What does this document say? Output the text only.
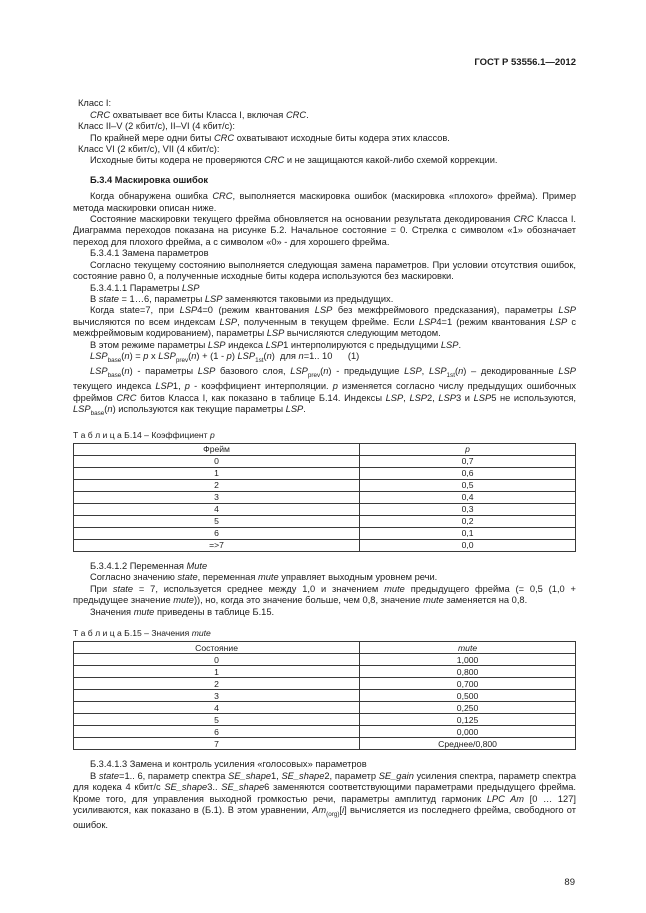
ГОСТ Р 53556.1—2012

Класс I:

CRC охватывает все биты Класса I, включая CRC.

Класс II–V (2 кбит/с), II–VI (4 кбит/с):

По крайней мере одни биты CRC охватывают исходные биты кодера этих классов.

Класс VI (2 кбит/с), VII (4 кбит/с):

Исходные биты кодера не проверяются CRC и не защищаются какой-либо схемой коррекции.

Б.3.4 Маскировка ошибок

Когда обнаружена ошибка CRC, выполняется маскировка ошибок (маскировка «плохого» фрейма). Пример метода маскировки описан ниже.

Состояние маскировки текущего фрейма обновляется на основании результата декодирования CRC Класса I. Диаграмма переходов показана на рисунке Б.2. Начальное состояние = 0. Стрелка с символом «1» обозначает переход для плохого фрейма, а с символом «0» - для хорошего фрейма.

Б.3.4.1 Замена параметров

Согласно текущему состоянию выполняется следующая замена параметров. При условии отсутствия ошибок, состояние равно 0, а полученные исходные биты кодера используются без маскировки.

Б.3.4.1.1 Параметры LSP

В state = 1…6, параметры LSP заменяются таковыми из предыдущих.

Когда state=7, при LSP4=0 (режим квантования LSP без межфреймового предсказания), параметры LSP вычисляются по всем индексам LSP, полученным в текущем фрейме. Если LSP4=1 (режим квантования LSP с межфреймовым кодированием), параметры LSP вычисляются следующим методом.

В этом режиме параметры LSP индекса LSP1 интерполируются с предыдущими LSP.

$LSP_{base}(n) = p$ x $LSP_{prev}(n) + (1 - p)$ $LSP_{1st}(n)$  для n=1.. 10      (1)

$LSP_{base}(n)$ - параметры LSP базового слоя, $LSP_{prev}(n)$ - предыдущие LSP, $LSP_{1st}(n)$ – декодированные LSP текущего индекса LSP1, p - коэффициент интерполяции. p изменяется согласно числу предыдущих ошибочных фреймов CRC битов Класса I, как показано в таблице Б.14. Индексы LSP, LSP2, LSP3 и LSP5 не используются, $LSP_{base}(n)$ используются как текущие параметры LSP.

Т а б л и ц а Б.14 – Коэффициент p

Фрейм	p
0	0,7
1	0,6
2	0,5
3	0,4
4	0,3
5	0,2
6	0,1
=>7	0,0

Б.3.4.1.2 Переменная Mute

Согласно значению state, переменная mute управляет выходным уровнем речи.

При state = 7, используется среднее между 1,0 и значением mute предыдущего фрейма (= 0,5 (1,0 + предыдущее значение mute)), но, когда это значение больше, чем 0,8, значение mute заменяется на 0,8.

Значения mute приведены в таблице Б.15.

Т а б л и ц а Б.15 – Значения mute

Состояние	mute
0	1,000
1	0,800
2	0,700
3	0,500
4	0,250
5	0,125
6	0,000
7	Среднее/0,800

Б.3.4.1.3 Замена и контроль усиления «голосовых» параметров

В state=1.. 6, параметр спектра SE_shape1, SE_shape2, параметр SE_gain усиления спектра, параметр спектра для кодека 4 кбит/с SE_shape3.. SE_shape6 заменяются соответствующими параметрами предыдущего фрейма. Кроме того, для управления выходной громкостью речи, параметры амплитуд гармоник LPC Am [0 … 127] усиливаются, как показано в (Б.1). В этом уравнении, $Am_{(org)}[i]$ вычисляется из последнего фрейма, свободного от ошибок.

89
